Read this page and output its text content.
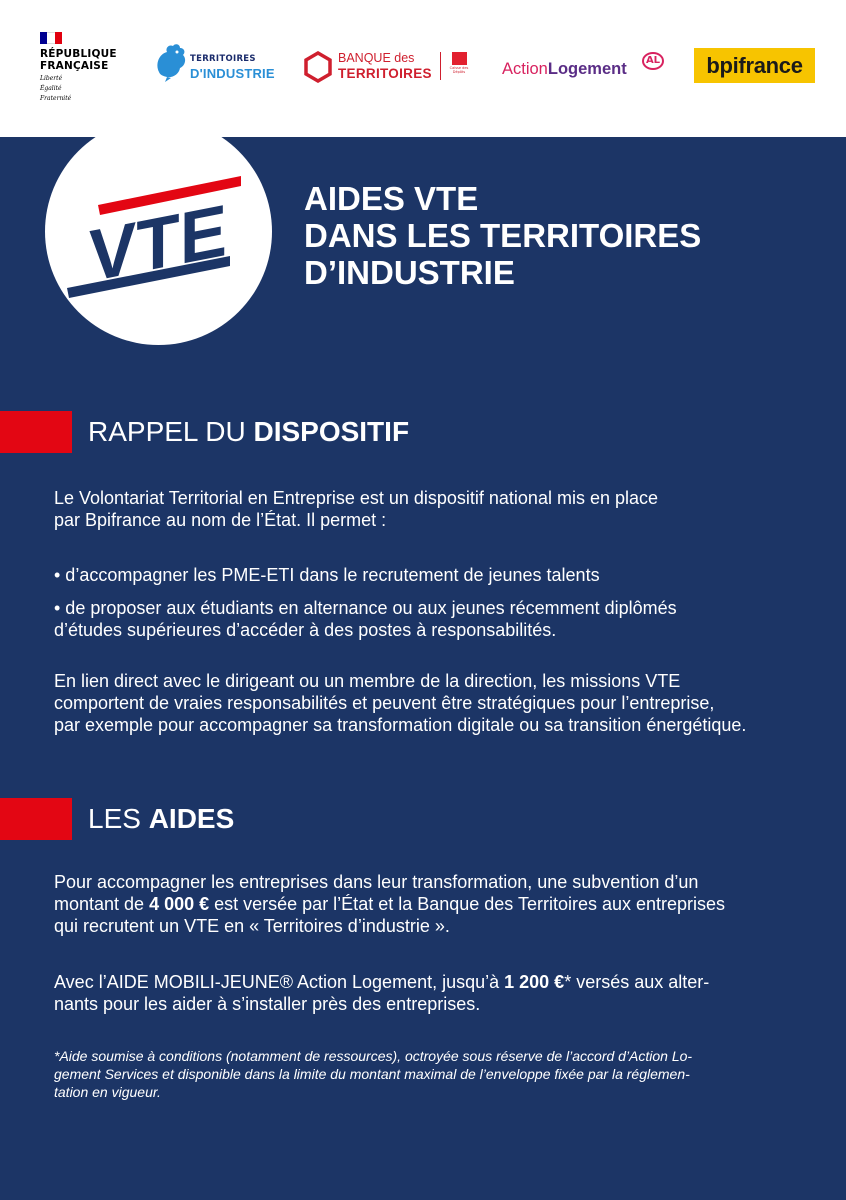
RÉPUBLIQUE
FRANÇAISE
Liberté
Égalité
Fraternité
TERRITOIRES
D'INDUSTRIE
BANQUE des
TERRITOIRES	Caisse des Dépôts	ActionLogement	AL	bpifrance
VTE AIDES VTE
DANS LES TERRITOIRES
D’INDUSTRIE
RAPPEL DU DISPOSITIF

Le Volontariat Territorial en Entreprise est un dispositif national mis en place

par Bpifrance au nom de l’État. Il permet :

• d’accompagner les PME-ETI dans le recrutement de jeunes talents

• de proposer aux étudiants en alternance ou aux jeunes récemment diplômés

d’études supérieures d’accéder à des postes à responsabilités.

En lien direct avec le dirigeant ou un membre de la direction, les missions VTE

comportent de vraies responsabilités et peuvent être stratégiques pour l’entreprise,

par exemple pour accompagner sa transformation digitale ou sa transition énergétique.

LES AIDES

Pour accompagner les entreprises dans leur transformation, une subvention d’un

montant de 4 000 € est versée par l’État et la Banque des Territoires aux entreprises

qui recrutent un VTE en « Territoires d’industrie ».

Avec l’AIDE MOBILI-JEUNE® Action Logement, jusqu’à 1 200 €* versés aux alter-

nants pour les aider à s’installer près des entreprises.

*Aide soumise à conditions (notamment de ressources), octroyée sous réserve de l’accord d’Action Lo-

gement Services et disponible dans la limite du montant maximal de l’enveloppe fixée par la réglemen-

tation en vigueur.
